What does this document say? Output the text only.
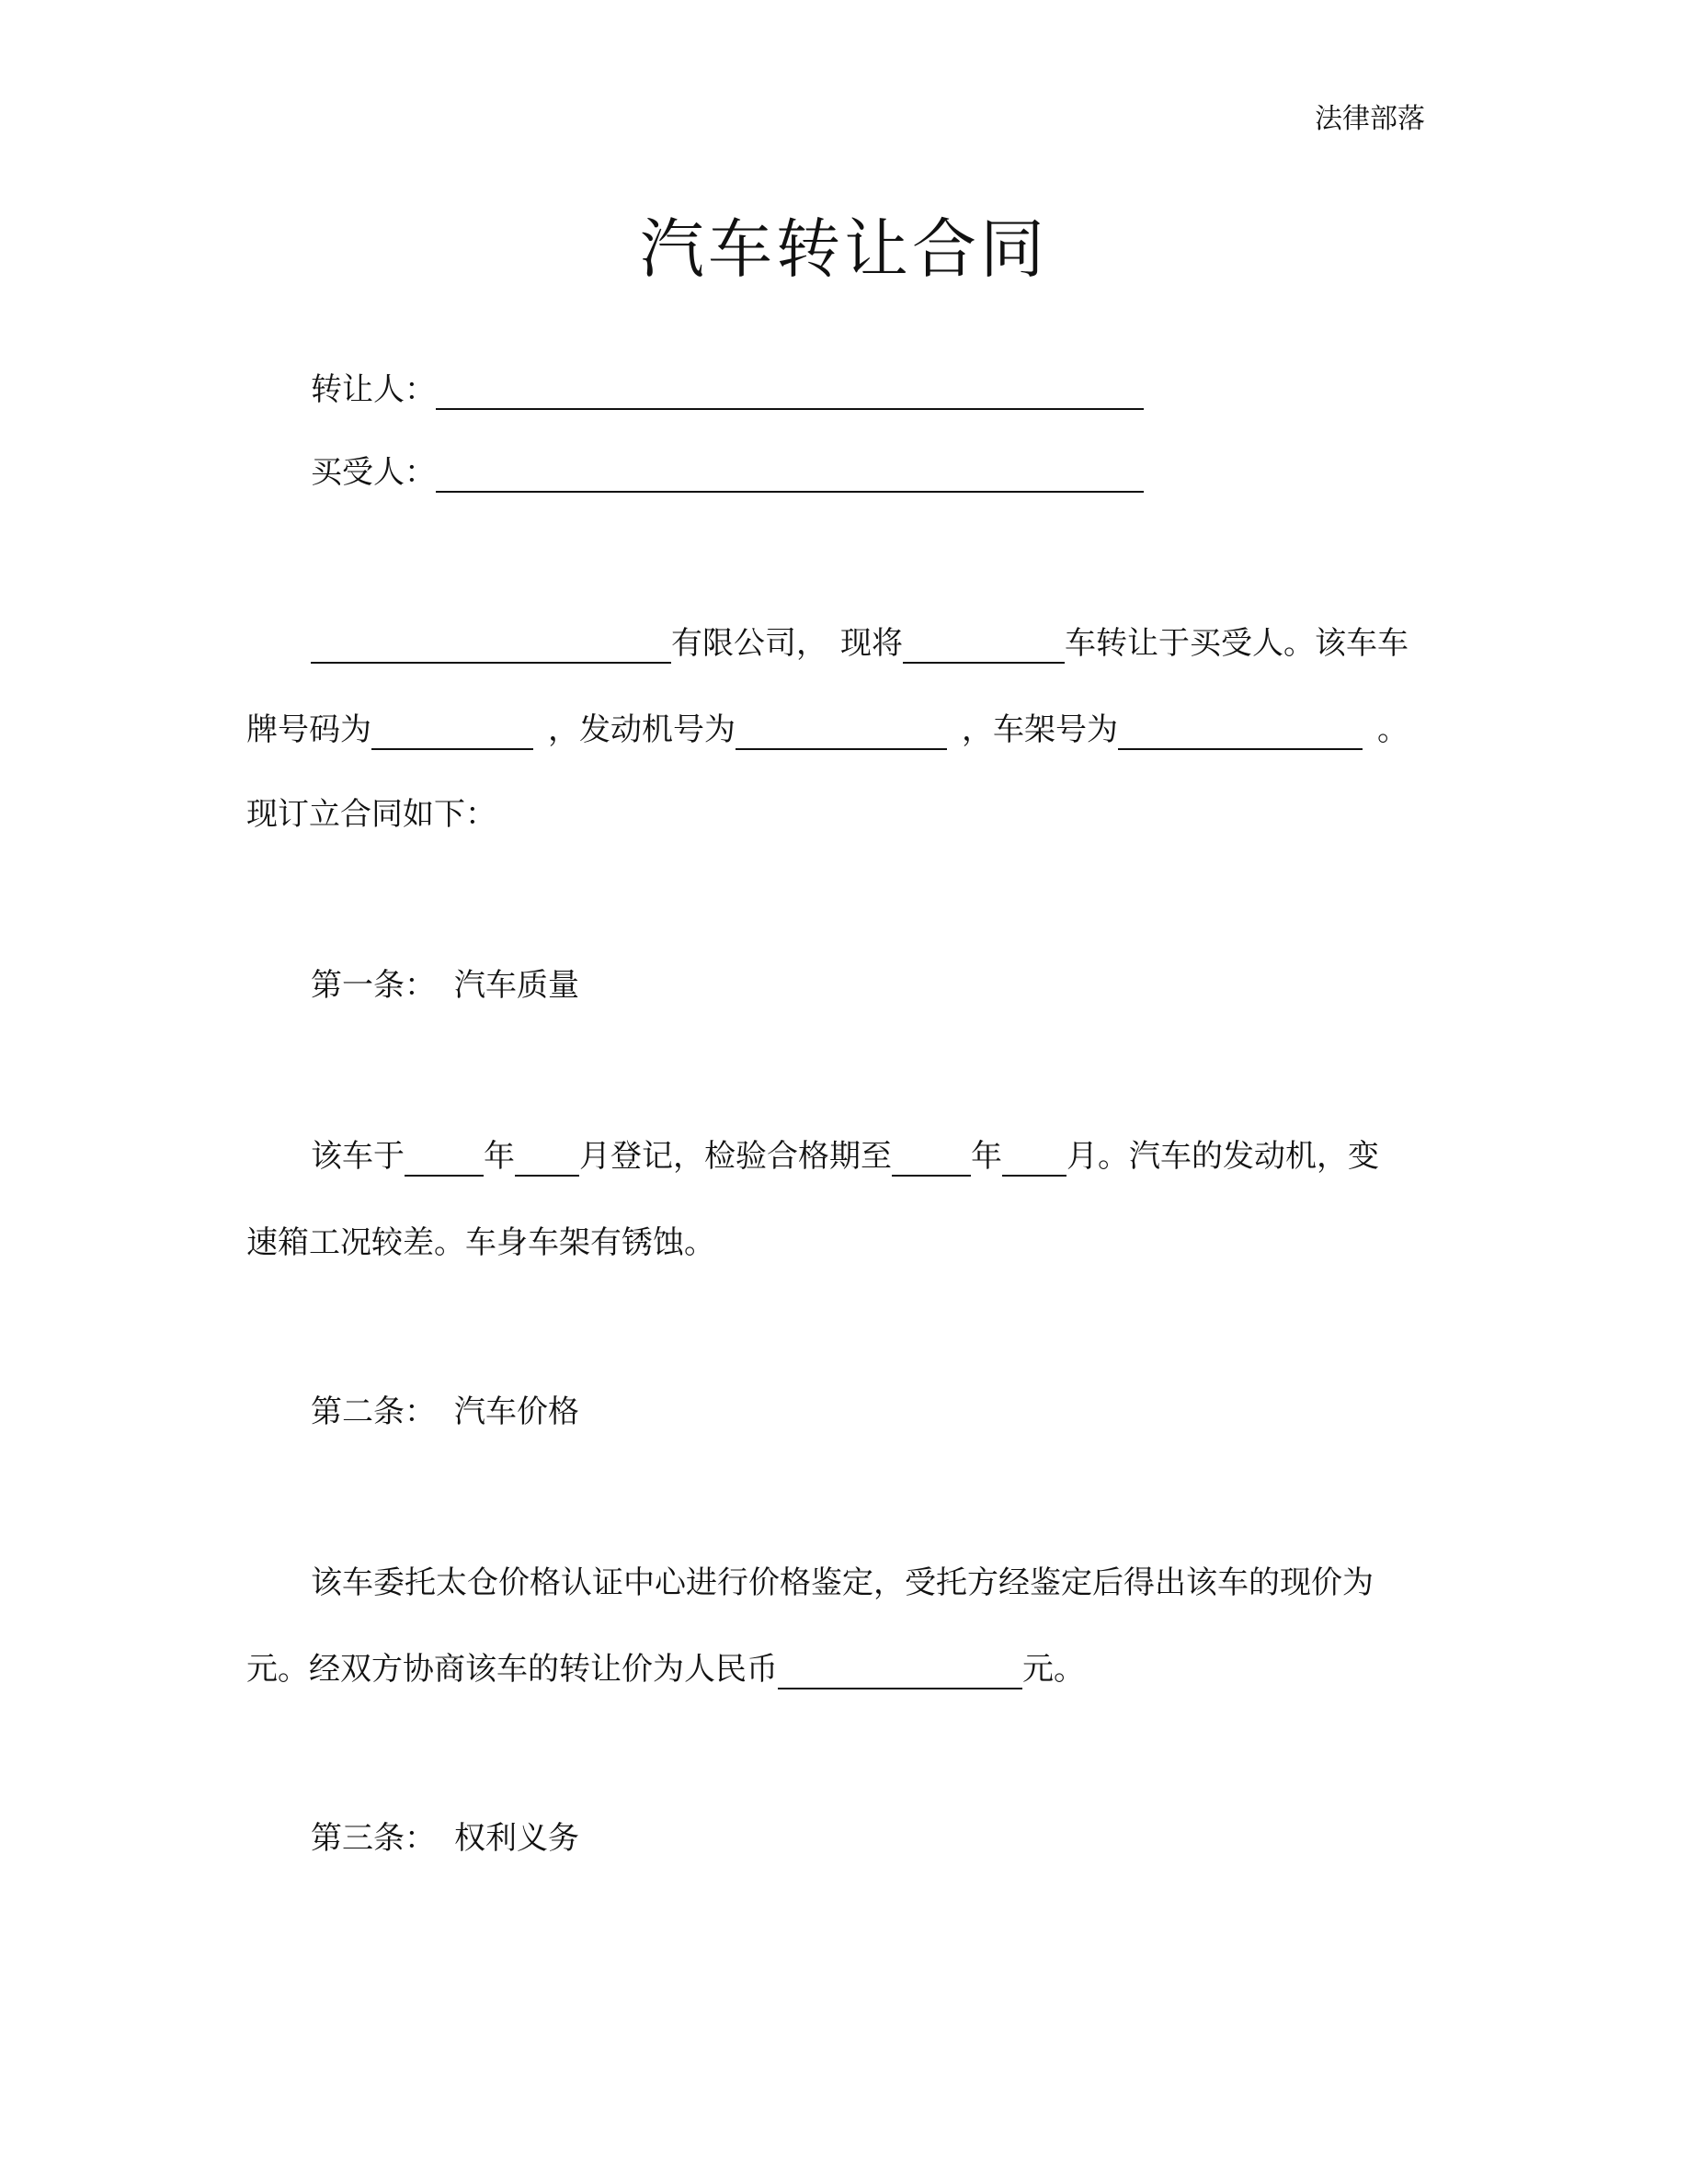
法律部落
汽车转让合同
转让人：
买受人：
有限公司， 现将	车转让于买受人。该车车
牌号码为	，发动机号为	，车架号为	。
现订立合同如下：
第一条： 汽车质量
该车于	年 月登记，检验合格期至	年 月。汽车的发动机，变
速箱工况较差。车身车架有锈蚀。
第二条： 汽车价格
该车委托太仓价格认证中心进行价格鉴定，受托方经鉴定后得出该车的现价为
元。经双方协商该车的转让价为人民币	元。
第三条： 权利义务
